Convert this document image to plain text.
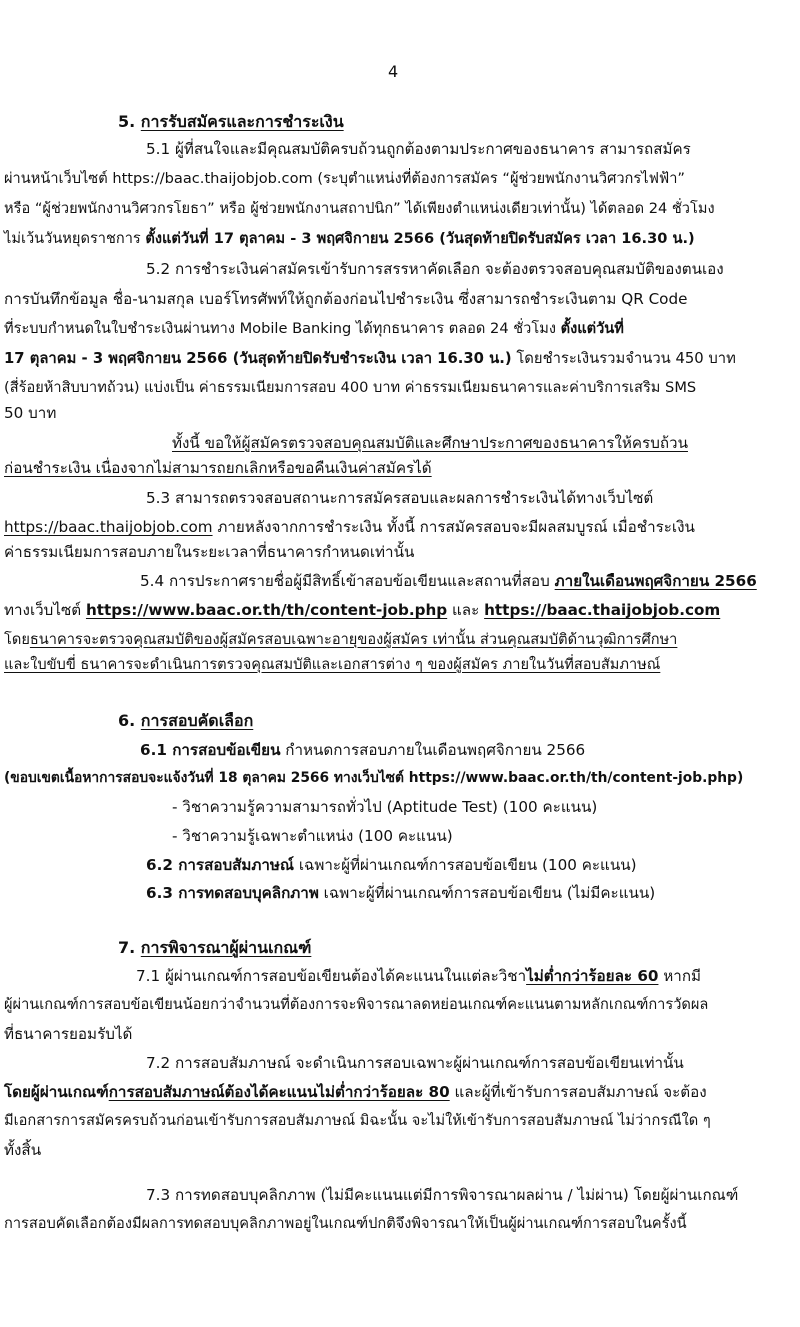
4
5. การรับสมัครและการชำระเงิน
5.1 ผู้ที่สนใจและมีคุณสมบัติครบถ้วนถูกต้องตามประกาศของธนาคาร สามารถสมัคร
ผ่านหน้าเว็บไซต์ https://baac.thaijobjob.com (ระบุตำแหน่งที่ต้องการสมัคร “ผู้ช่วยพนักงานวิศวกรไฟฟ้า”
หรือ “ผู้ช่วยพนักงานวิศวกรโยธา” หรือ ผู้ช่วยพนักงานสถาปนิก” ได้เพียงตำแหน่งเดียวเท่านั้น) ได้ตลอด 24 ชั่วโมง
ไม่เว้นวันหยุดราชการ ตั้งแต่วันที่ 17 ตุลาคม - 3 พฤศจิกายน 2566 (วันสุดท้ายปิดรับสมัคร เวลา 16.30 น.)
5.2 การชำระเงินค่าสมัครเข้ารับการสรรหาคัดเลือก จะต้องตรวจสอบคุณสมบัติของตนเอง
การบันทึกข้อมูล ชื่อ-นามสกุล เบอร์โทรศัพท์ให้ถูกต้องก่อนไปชำระเงิน ซึ่งสามารถชำระเงินตาม QR Code
ที่ระบบกำหนดในใบชำระเงินผ่านทาง Mobile Banking ได้ทุกธนาคาร ตลอด 24 ชั่วโมง ตั้งแต่วันที่
17 ตุลาคม - 3 พฤศจิกายน 2566 (วันสุดท้ายปิดรับชำระเงิน เวลา 16.30 น.) โดยชำระเงินรวมจำนวน 450 บาท
(สี่ร้อยห้าสิบบาทถ้วน) แบ่งเป็น ค่าธรรมเนียมการสอบ 400 บาท ค่าธรรมเนียมธนาคารและค่าบริการเสริม SMS
50 บาท
ทั้งนี้ ขอให้ผู้สมัครตรวจสอบคุณสมบัติและศึกษาประกาศของธนาคารให้ครบถ้วน
ก่อนชำระเงิน เนื่องจากไม่สามารถยกเลิกหรือขอคืนเงินค่าสมัครได้
5.3 สามารถตรวจสอบสถานะการสมัครสอบและผลการชำระเงินได้ทางเว็บไซต์
https://baac.thaijobjob.com ภายหลังจากการชำระเงิน ทั้งนี้ การสมัครสอบจะมีผลสมบูรณ์ เมื่อชำระเงิน
ค่าธรรมเนียมการสอบภายในระยะเวลาที่ธนาคารกำหนดเท่านั้น
5.4 การประกาศรายชื่อผู้มีสิทธิ์เข้าสอบข้อเขียนและสถานที่สอบ ภายในเดือนพฤศจิกายน 2566
ทางเว็บไซต์ https://www.baac.or.th/th/content-job.php และ https://baac.thaijobjob.com
โดยธนาคารจะตรวจคุณสมบัติของผู้สมัครสอบเฉพาะอายุของผู้สมัคร เท่านั้น ส่วนคุณสมบัติด้านวุฒิการศึกษา
และใบขับขี่ ธนาคารจะดำเนินการตรวจคุณสมบัติและเอกสารต่าง ๆ ของผู้สมัคร ภายในวันที่สอบสัมภาษณ์
6. การสอบคัดเลือก
6.1 การสอบข้อเขียน กำหนดการสอบภายในเดือนพฤศจิกายน 2566
(ขอบเขตเนื้อหาการสอบจะแจ้งวันที่ 18 ตุลาคม 2566 ทางเว็บไซต์ https://www.baac.or.th/th/content-job.php)
- วิชาความรู้ความสามารถทั่วไป (Aptitude Test) (100 คะแนน)
- วิชาความรู้เฉพาะตำแหน่ง (100 คะแนน)
6.2 การสอบสัมภาษณ์ เฉพาะผู้ที่ผ่านเกณฑ์การสอบข้อเขียน (100 คะแนน)
6.3 การทดสอบบุคลิกภาพ เฉพาะผู้ที่ผ่านเกณฑ์การสอบข้อเขียน (ไม่มีคะแนน)
7. การพิจารณาผู้ผ่านเกณฑ์
7.1 ผู้ผ่านเกณฑ์การสอบข้อเขียนต้องได้คะแนนในแต่ละวิชาไม่ต่ำกว่าร้อยละ 60 หากมี
ผู้ผ่านเกณฑ์การสอบข้อเขียนน้อยกว่าจำนวนที่ต้องการจะพิจารณาลดหย่อนเกณฑ์คะแนนตามหลักเกณฑ์การวัดผล
ที่ธนาคารยอมรับได้
7.2 การสอบสัมภาษณ์ จะดำเนินการสอบเฉพาะผู้ผ่านเกณฑ์การสอบข้อเขียนเท่านั้น
โดยผู้ผ่านเกณฑ์การสอบสัมภาษณ์ต้องได้คะแนนไม่ต่ำกว่าร้อยละ 80 และผู้ที่เข้ารับการสอบสัมภาษณ์ จะต้อง
มีเอกสารการสมัครครบถ้วนก่อนเข้ารับการสอบสัมภาษณ์ มิฉะนั้น จะไม่ให้เข้ารับการสอบสัมภาษณ์ ไม่ว่ากรณีใด ๆ
ทั้งสิ้น
7.3 การทดสอบบุคลิกภาพ (ไม่มีคะแนนแต่มีการพิจารณาผลผ่าน / ไม่ผ่าน) โดยผู้ผ่านเกณฑ์
การสอบคัดเลือกต้องมีผลการทดสอบบุคลิกภาพอยู่ในเกณฑ์ปกติจึงพิจารณาให้เป็นผู้ผ่านเกณฑ์การสอบในครั้งนี้
